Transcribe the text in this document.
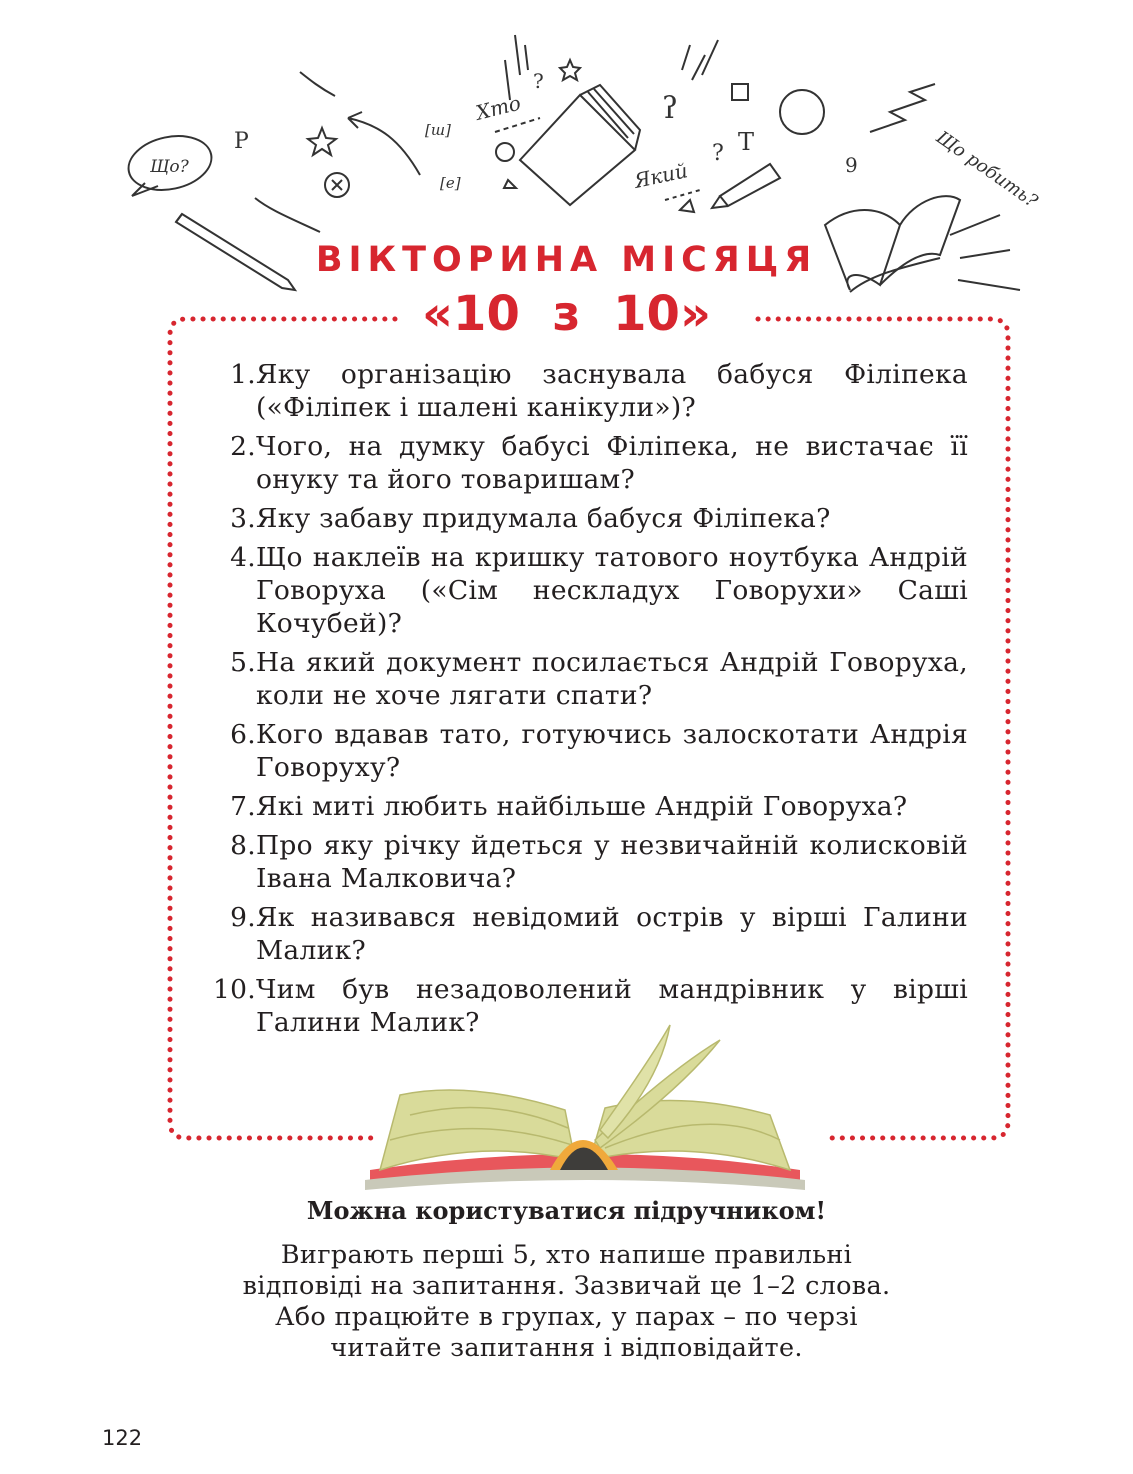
Що?
P	[ш]
[е]
Хто
?
ʔ
Який
? T
9	Що робить?
ВІКТОРИНА МІСЯЦЯ
«10 з 10»
1. Яку організацію заснувала бабуся Філіпека («Філіпек і шалені канікули»)?
2. Чого, на думку бабусі Філіпека, не вистачає її онуку та його товаришам?
3. Яку забаву придумала бабуся Філіпека?
4. Що наклеїв на кришку татового ноутбука Андрій Говоруха («Сім нескладух Говорухи» Саші Кочубей)?
5. На який документ посилається Андрій Говоруха, коли не хоче лягати спати?
6. Кого вдавав тато, готуючись залоскотати Андрія Говоруху?
7. Які миті любить найбільше Андрій Говоруха?
8. Про яку річку йдеться у незвичайній колисковій Івана Малковича?
9. Як називався невідомий острів у вірші Галини Малик?
10. Чим був незадоволений мандрівник у вірші Галини Малик?
Можна користуватися підручником!
Виграють перші 5, хто напише правильні
відповіді на запитання. Зазвичай це 1–2 слова.
Або працюйте в групах, у парах – по черзі
читайте запитання і відповідайте.
122
